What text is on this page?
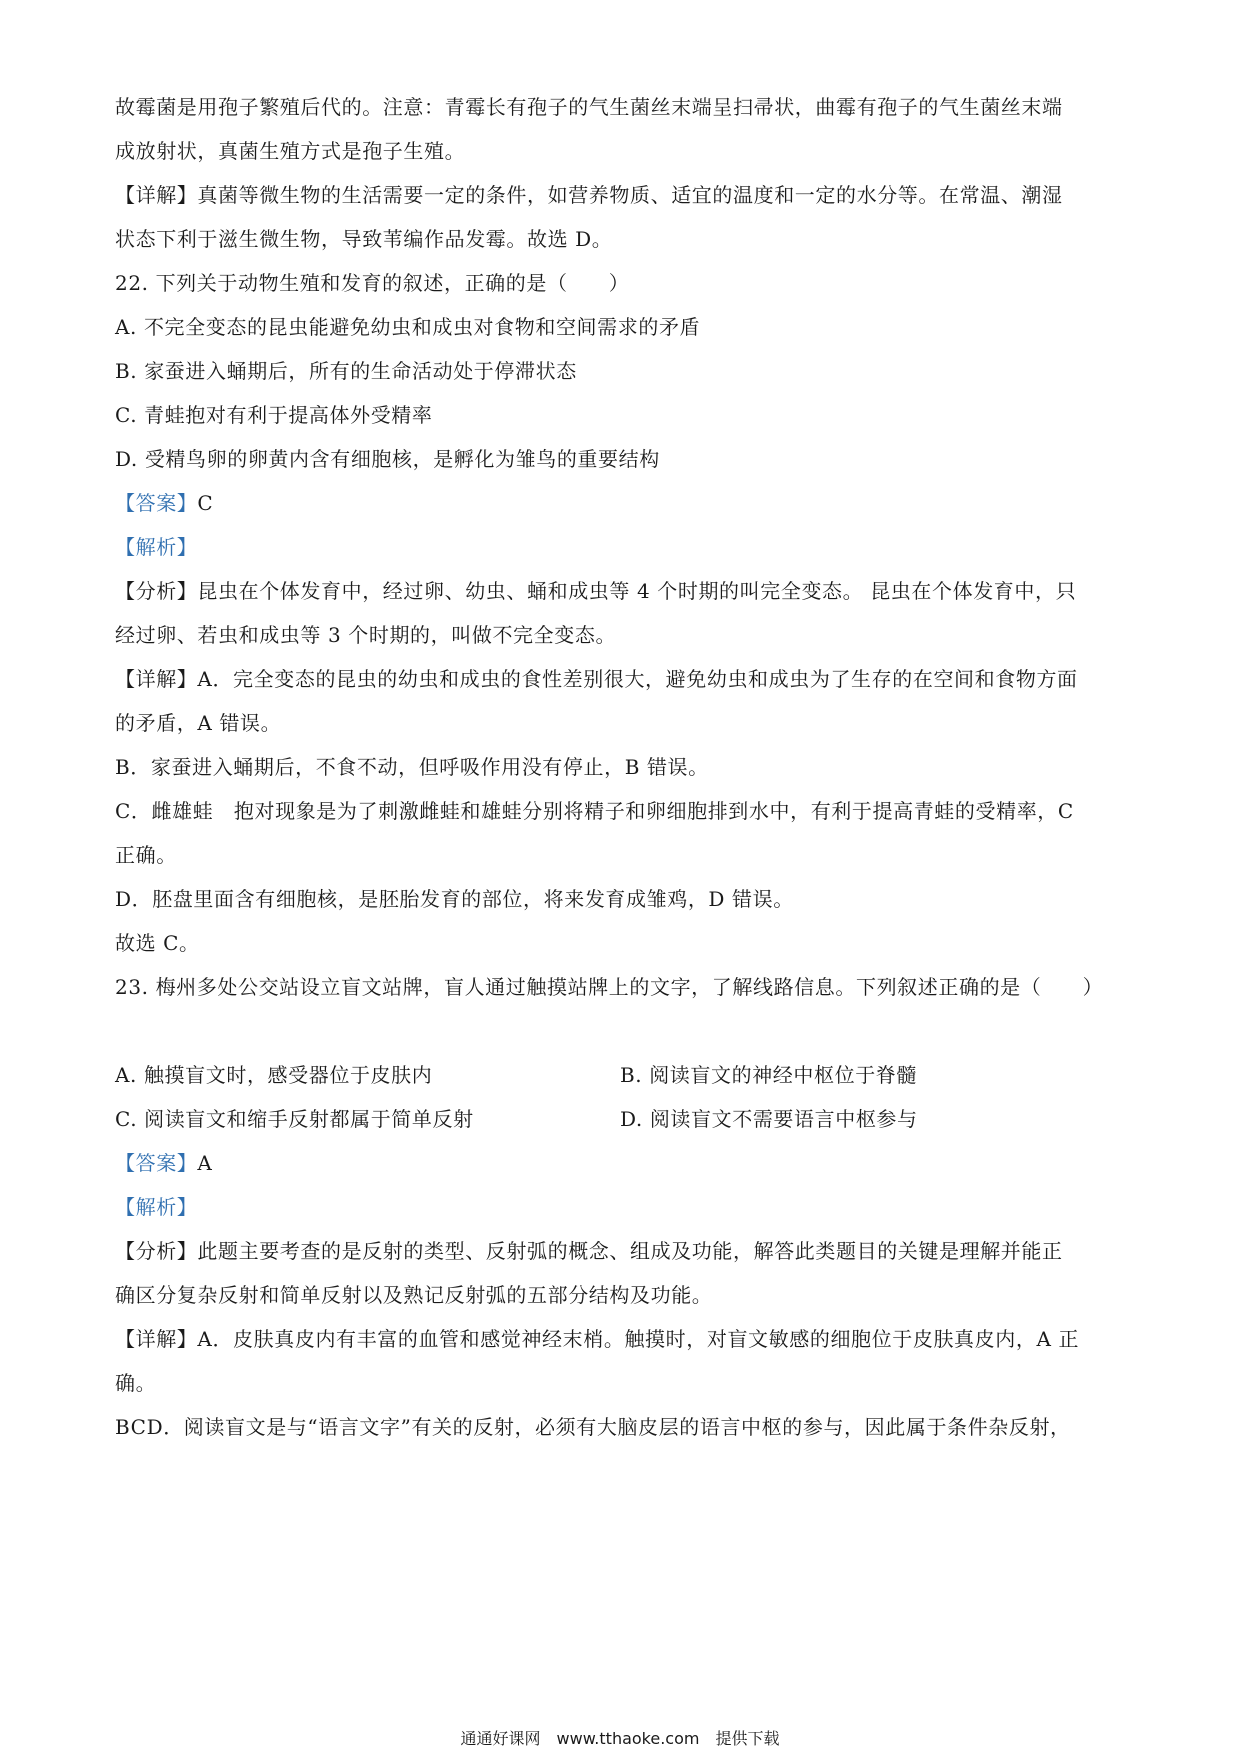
故霉菌是用孢子繁殖后代的。注意：青霉长有孢子的气生菌丝末端呈扫帚状，曲霉有孢子的气生菌丝末端
成放射状，真菌生殖方式是孢子生殖。
【详解】真菌等微生物的生活需要一定的条件，如营养物质、适宜的温度和一定的水分等。在常温、潮湿
状态下利于滋生微生物，导致苇编作品发霉。故选 D。
22. 下列关于动物生殖和发育的叙述，正确的是（　　）
A. 不完全变态的昆虫能避免幼虫和成虫对食物和空间需求的矛盾
B. 家蚕进入蛹期后，所有的生命活动处于停滞状态
C. 青蛙抱对有利于提高体外受精率
D. 受精鸟卵的卵黄内含有细胞核，是孵化为雏鸟的重要结构
【答案】C
【解析】
【分析】昆虫在个体发育中，经过卵、幼虫、蛹和成虫等 4 个时期的叫完全变态。 昆虫在个体发育中，只
经过卵、若虫和成虫等 3 个时期的，叫做不完全变态。
【详解】A．完全变态的昆虫的幼虫和成虫的食性差别很大，避免幼虫和成虫为了生存的在空间和食物方面
的矛盾，A 错误。
B．家蚕进入蛹期后，不食不动，但呼吸作用没有停止，B 错误。
C．雌雄蛙　抱对现象是为了刺激雌蛙和雄蛙分别将精子和卵细胞排到水中，有利于提高青蛙的受精率，C
正确。
D．胚盘里面含有细胞核，是胚胎发育的部位，将来发育成雏鸡，D 错误。
故选 C。
23. 梅州多处公交站设立盲文站牌，盲人通过触摸站牌上的文字，了解线路信息。下列叙述正确的是（　　）
A. 触摸盲文时，感受器位于皮肤内	B. 阅读盲文的神经中枢位于脊髓
C. 阅读盲文和缩手反射都属于简单反射	D. 阅读盲文不需要语言中枢参与
【答案】A
【解析】
【分析】此题主要考查的是反射的类型、反射弧的概念、组成及功能，解答此类题目的关键是理解并能正
确区分复杂反射和简单反射以及熟记反射弧的五部分结构及功能。
【详解】A．皮肤真皮内有丰富的血管和感觉神经末梢。触摸时，对盲文敏感的细胞位于皮肤真皮内，A 正
确。
BCD．阅读盲文是与“语言文字”有关的反射，必须有大脑皮层的语言中枢的参与，因此属于条件杂反射，
通通好课网　www.tthaoke.com　提供下载
